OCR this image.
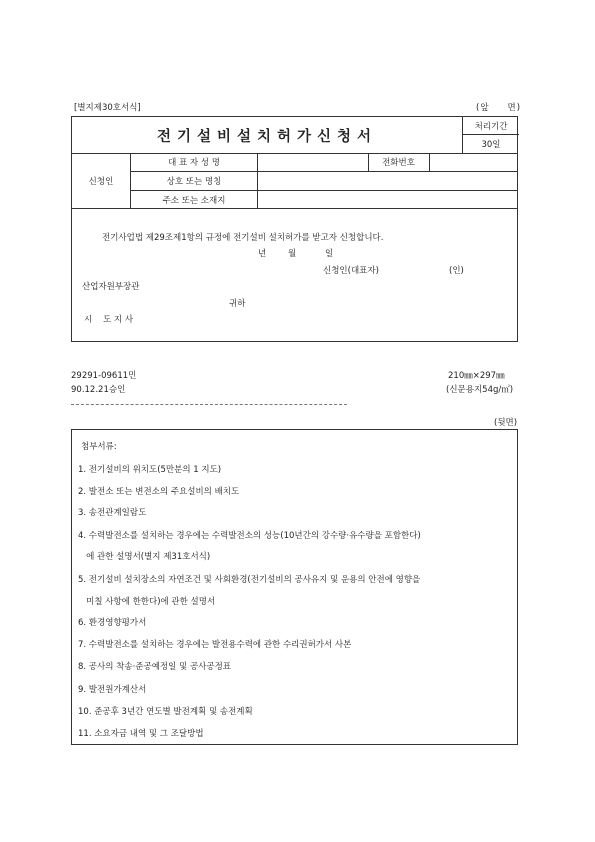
[별지제30호서식]	(앞 면)
전기설비설치허가신청서
처리기간
30일
신청인
대 표 자 성 명	전화번호
상호 또는 명칭
주소 또는 소재지
전기사업법 제29조제1항의 규정에 전기설비 설치허가를 받고자 신청합니다.
년	월	일
신청인(대표자)	(인)
산업자원부장관
귀하
시    도 지 사
29291-09611민
90.12.21승인
210㎜×297㎜
(신문용지54g/㎡)
(뒷면)
첨부서류:
1. 전기설비의 위치도(5만분의 1 지도)
2. 발전소 또는 변전소의 주요설비의 배치도
3. 송전관계일람도
4. 수력발전소를 설치하는 경우에는 수력발전소의 성능(10년간의 강수량·유수량을 포함한다)
에 관한 설명서(별지 제31호서식)
5. 전기설비 설치장소의 자연조건 및 사회환경(전기설비의 공사유지 및 운용의 안전에 영향을
미칠 사항에 한한다)에 관한 설명서
6. 환경영향평가서
7. 수력발전소를 설치하는 경우에는 발전용수력에 관한 수리권허가서 사본
8. 공사의 착송·준공예정일 및 공사공정표
9. 발전원가계산서
10. 준공후 3년간 연도별 발전계획 및 송전계획
11. 소요자금 내역 및 그 조달방법
